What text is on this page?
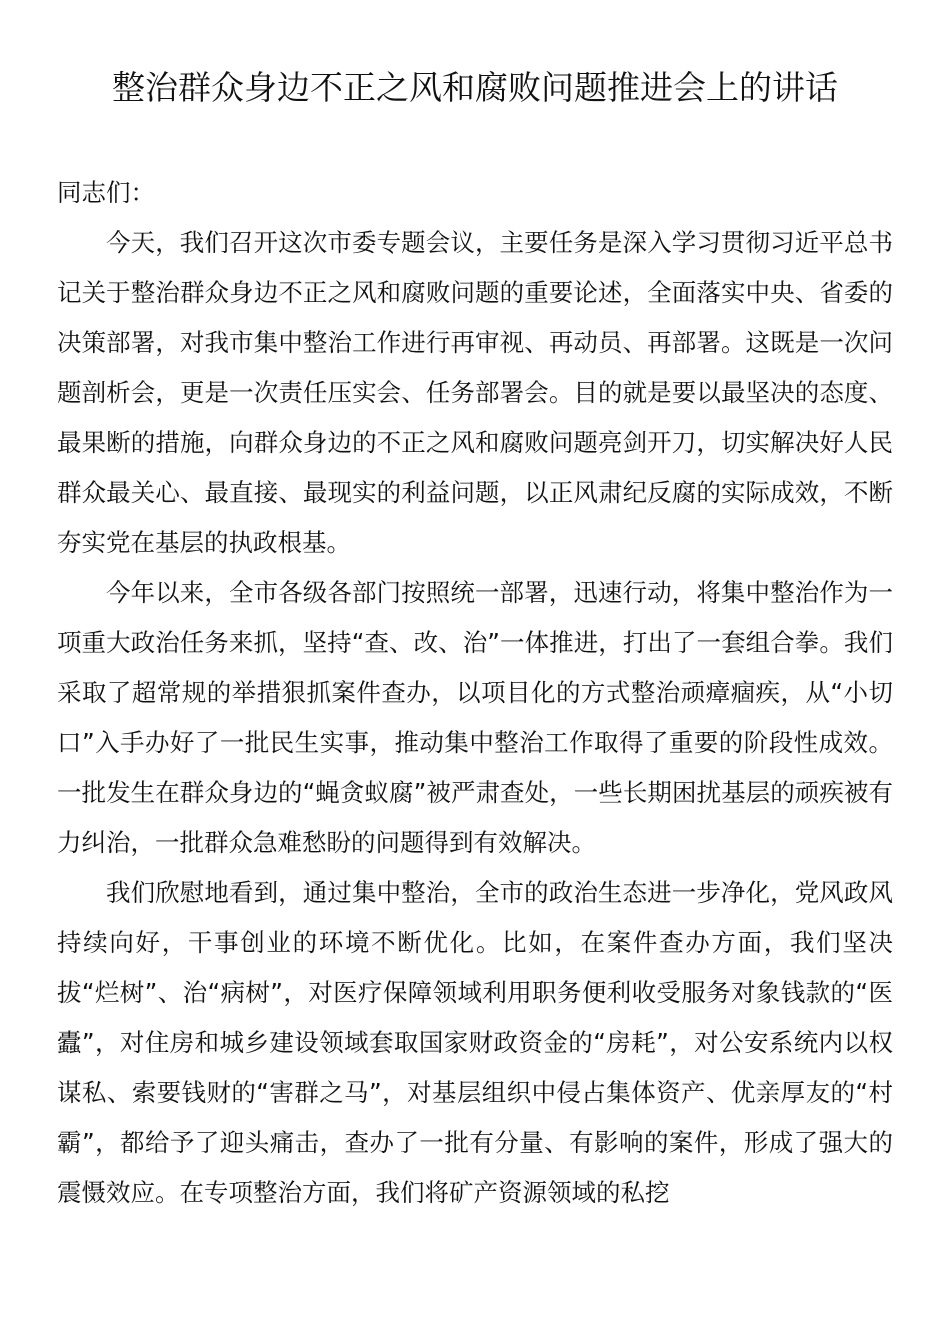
整治群众身边不正之风和腐败问题推进会上的讲话

同志们：

今天，我们召开这次市委专题会议，主要任务是深入学习贯彻习近平总书记关于整治群众身边不正之风和腐败问题的重要论述，全面落实中央、省委的决策部署，对我市集中整治工作进行再审视、再动员、再部署。这既是一次问题剖析会，更是一次责任压实会、任务部署会。目的就是要以最坚决的态度、最果断的措施，向群众身边的不正之风和腐败问题亮剑开刀，切实解决好人民群众最关心、最直接、最现实的利益问题，以正风肃纪反腐的实际成效，不断夯实党在基层的执政根基。

今年以来，全市各级各部门按照统一部署，迅速行动，将集中整治作为一项重大政治任务来抓，坚持“查、改、治”一体推进，打出了一套组合拳。我们采取了超常规的举措狠抓案件查办，以项目化的方式整治顽瘴痼疾，从“小切口”入手办好了一批民生实事，推动集中整治工作取得了重要的阶段性成效。一批发生在群众身边的“蝇贪蚁腐”被严肃查处，一些长期困扰基层的顽疾被有力纠治，一批群众急难愁盼的问题得到有效解决。

我们欣慰地看到，通过集中整治，全市的政治生态进一步净化，党风政风持续向好，干事创业的环境不断优化。比如，在案件查办方面，我们坚决拔“烂树”、治“病树”，对医疗保障领域利用职务便利收受服务对象钱款的“医蠹”，对住房和城乡建设领域套取国家财政资金的“房耗”，对公安系统内以权谋私、索要钱财的“害群之马”，对基层组织中侵占集体资产、优亲厚友的“村霸”，都给予了迎头痛击，查办了一批有分量、有影响的案件，形成了强大的震慑效应。在专项整治方面，我们将矿产资源领域的私挖
